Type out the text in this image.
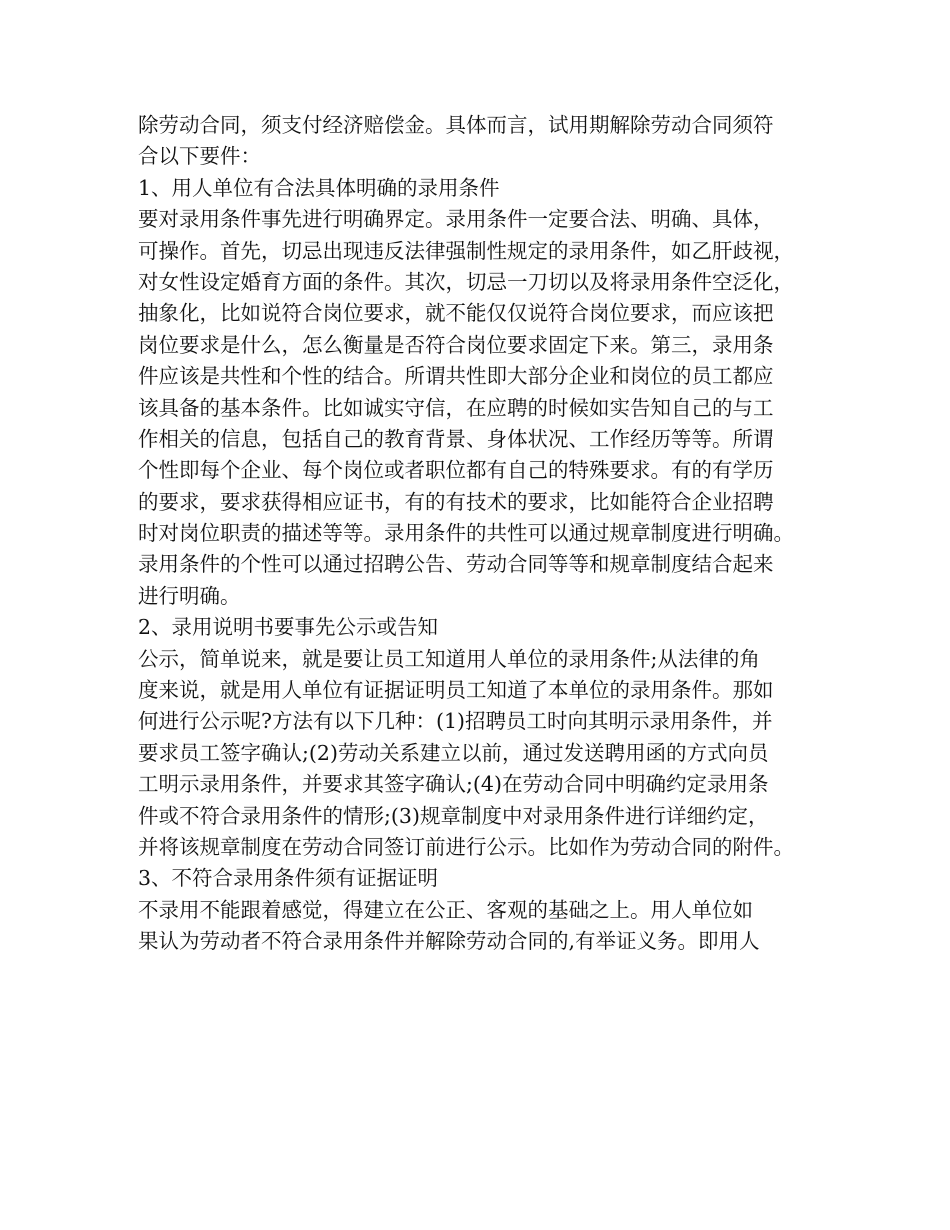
除劳动合同，须支付经济赔偿金。具体而言，试用期解除劳动合同须符
合以下要件：
1、用人单位有合法具体明确的录用条件
要对录用条件事先进行明确界定。录用条件一定要合法、明确、具体，
可操作。首先，切忌出现违反法律强制性规定的录用条件，如乙肝歧视，
对女性设定婚育方面的条件。其次，切忌一刀切以及将录用条件空泛化，
抽象化，比如说符合岗位要求，就不能仅仅说符合岗位要求，而应该把
岗位要求是什么，怎么衡量是否符合岗位要求固定下来。第三，录用条
件应该是共性和个性的结合。所谓共性即大部分企业和岗位的员工都应
该具备的基本条件。比如诚实守信，在应聘的时候如实告知自己的与工
作相关的信息，包括自己的教育背景、身体状况、工作经历等等。所谓
个性即每个企业、每个岗位或者职位都有自己的特殊要求。有的有学历
的要求，要求获得相应证书，有的有技术的要求，比如能符合企业招聘
时对岗位职责的描述等等。录用条件的共性可以通过规章制度进行明确。
录用条件的个性可以通过招聘公告、劳动合同等等和规章制度结合起来
进行明确。
2、录用说明书要事先公示或告知
公示，简单说来，就是要让员工知道用人单位的录用条件;从法律的角
度来说，就是用人单位有证据证明员工知道了本单位的录用条件。那如
何进行公示呢?方法有以下几种：(1)招聘员工时向其明示录用条件，并
要求员工签字确认;(2)劳动关系建立以前，通过发送聘用函的方式向员
工明示录用条件，并要求其签字确认;(4)在劳动合同中明确约定录用条
件或不符合录用条件的情形;(3)规章制度中对录用条件进行详细约定，
并将该规章制度在劳动合同签订前进行公示。比如作为劳动合同的附件。
3、不符合录用条件须有证据证明
不录用不能跟着感觉，得建立在公正、客观的基础之上。用人单位如
果认为劳动者不符合录用条件并解除劳动合同的,有举证义务。即用人
